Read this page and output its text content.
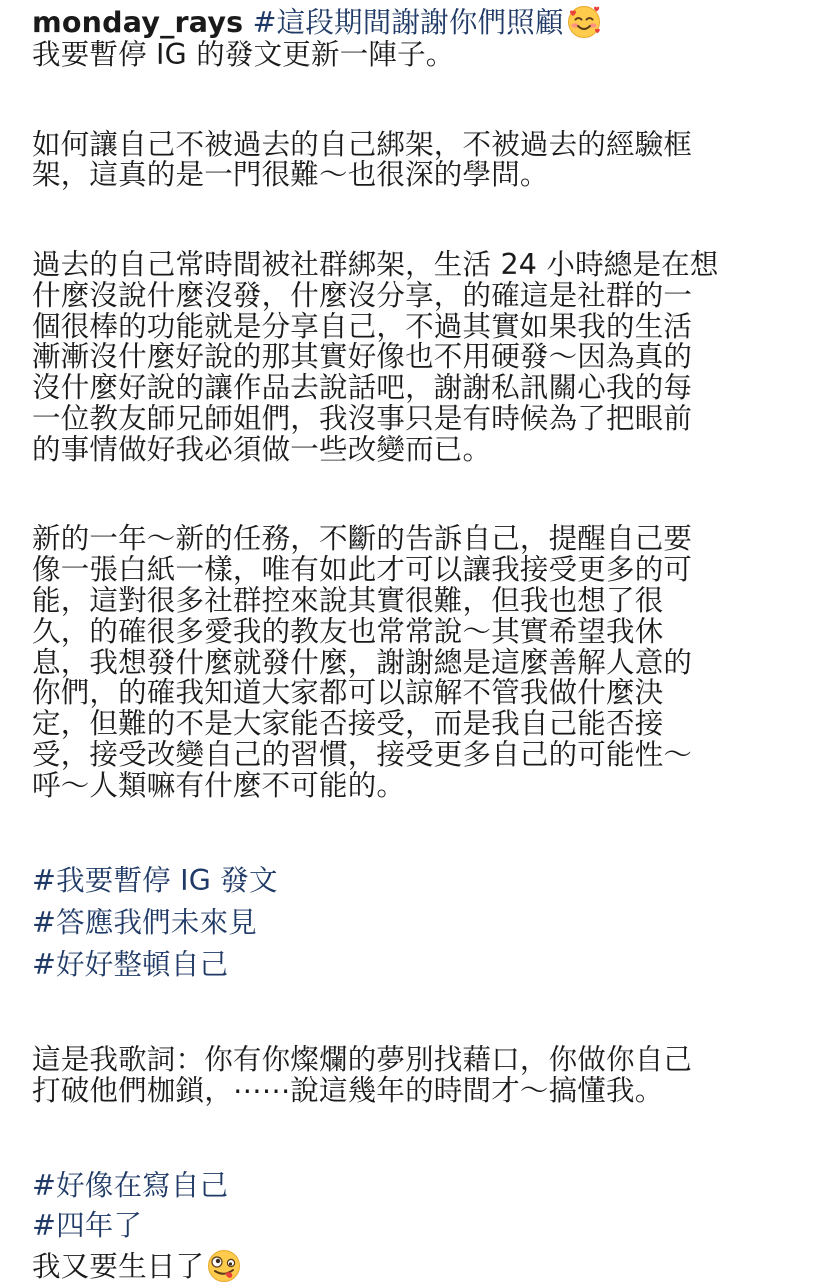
monday_rays #這段期間謝謝你們照顧
我要暫停 IG 的發文更新一陣子。
如何讓自己不被過去的自己綁架，不被過去的經驗框
架，這真的是一門很難～也很深的學問。
過去的自己常時間被社群綁架，生活 24 小時總是在想
什麼沒說什麼沒發，什麼沒分享，的確這是社群的一
個很棒的功能就是分享自己，不過其實如果我的生活
漸漸沒什麼好說的那其實好像也不用硬發～因為真的
沒什麼好說的讓作品去說話吧，謝謝私訊關心我的每
一位教友師兄師姐們，我沒事只是有時候為了把眼前
的事情做好我必須做一些改變而已。
新的一年～新的任務，不斷的告訴自己，提醒自己要
像一張白紙一樣，唯有如此才可以讓我接受更多的可
能，這對很多社群控來說其實很難，但我也想了很
久，的確很多愛我的教友也常常說～其實希望我休
息，我想發什麼就發什麼，謝謝總是這麼善解人意的
你們，的確我知道大家都可以諒解不管我做什麼決
定，但難的不是大家能否接受，而是我自己能否接
受，接受改變自己的習慣，接受更多自己的可能性～
呼～人類嘛有什麼不可能的。
#我要暫停 IG 發文
#答應我們未來見
#好好整頓自己
這是我歌詞：你有你燦爛的夢別找藉口，你做你自己
打破他們枷鎖，⋯⋯說這幾年的時間才～搞懂我。
#好像在寫自己
#四年了
我又要生日了
